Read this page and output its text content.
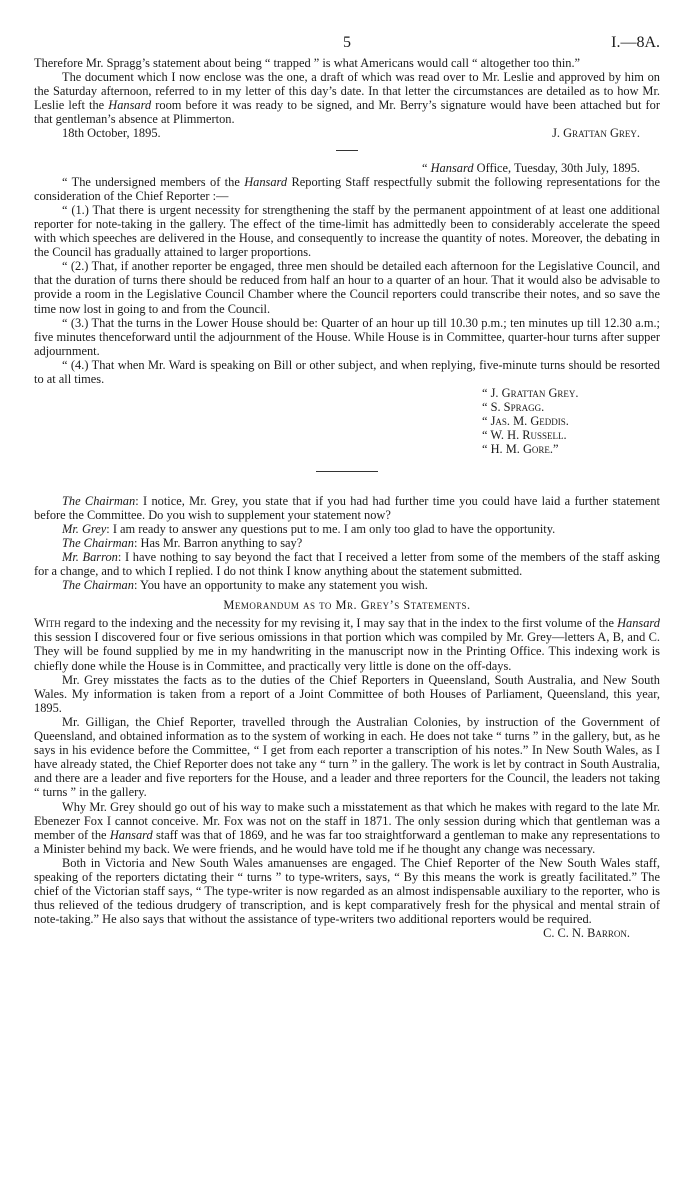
5	I.—8A.

Therefore Mr. Spragg’s statement about being “ trapped ” is what Americans would call “ altogether too thin.”

The document which I now enclose was the one, a draft of which was read over to Mr. Leslie and approved by him on the Saturday afternoon, referred to in my letter of this day’s date. In that letter the circumstances are detailed as to how Mr. Leslie left the Hansard room before it was ready to be signed, and Mr. Berry’s signature would have been attached but for that gentleman’s absence at Plimmerton.

18th October, 1895.	J. Grattan Grey.
“ Hansard Office, Tuesday, 30th July, 1895.

“ The undersigned members of the Hansard Reporting Staff respectfully submit the following representations for the consideration of the Chief Reporter :—

“ (1.) That there is urgent necessity for strengthening the staff by the permanent appointment of at least one additional reporter for note-taking in the gallery. The effect of the time-limit has admittedly been to considerably accelerate the speed with which speeches are delivered in the House, and consequently to increase the quantity of notes. Moreover, the debating in the Council has gradually attained to larger proportions.

“ (2.) That, if another reporter be engaged, three men should be detailed each afternoon for the Legislative Council, and that the duration of turns there should be reduced from half an hour to a quarter of an hour. That it would also be advisable to provide a room in the Legislative Council Chamber where the Council reporters could transcribe their notes, and so save the time now lost in going to and from the Council.

“ (3.) That the turns in the Lower House should be: Quarter of an hour up till 10.30 p.m.; ten minutes up till 12.30 a.m.; five minutes thenceforward until the adjournment of the House. While House is in Committee, quarter-hour turns after supper adjournment.

“ (4.) That when Mr. Ward is speaking on Bill or other subject, and when replying, five-minute turns should be resorted to at all times.

“ J. Grattan Grey.
“ S. Spragg.
“ Jas. M. Geddis.
“ W. H. Russell.
“ H. M. Gore.”

The Chairman: I notice, Mr. Grey, you state that if you had had further time you could have laid a further statement before the Committee. Do you wish to supplement your statement now?

Mr. Grey: I am ready to answer any questions put to me. I am only too glad to have the opportunity.

The Chairman: Has Mr. Barron anything to say?

Mr. Barron: I have nothing to say beyond the fact that I received a letter from some of the members of the staff asking for a change, and to which I replied. I do not think I know anything about the statement submitted.

The Chairman: You have an opportunity to make any statement you wish.

Memorandum as to Mr. Grey’s Statements.

With regard to the indexing and the necessity for my revising it, I may say that in the index to the first volume of the Hansard this session I discovered four or five serious omissions in that portion which was compiled by Mr. Grey—letters A, B, and C. They will be found supplied by me in my handwriting in the manuscript now in the Printing Office. This indexing work is chiefly done while the House is in Committee, and practically very little is done on the off-days.

Mr. Grey misstates the facts as to the duties of the Chief Reporters in Queensland, South Australia, and New South Wales. My information is taken from a report of a Joint Committee of both Houses of Parliament, Queensland, this year, 1895.

Mr. Gilligan, the Chief Reporter, travelled through the Australian Colonies, by instruction of the Government of Queensland, and obtained information as to the system of working in each. He does not take “ turns ” in the gallery, but, as he says in his evidence before the Committee, “ I get from each reporter a transcription of his notes.” In New South Wales, as I have already stated, the Chief Reporter does not take any “ turn ” in the gallery. The work is let by contract in South Australia, and there are a leader and five reporters for the House, and a leader and three reporters for the Council, the leaders not taking “ turns ” in the gallery.

Why Mr. Grey should go out of his way to make such a misstatement as that which he makes with regard to the late Mr. Ebenezer Fox I cannot conceive. Mr. Fox was not on the staff in 1871. The only session during which that gentleman was a member of the Hansard staff was that of 1869, and he was far too straightforward a gentleman to make any representations to a Minister behind my back. We were friends, and he would have told me if he thought any change was necessary.

Both in Victoria and New South Wales amanuenses are engaged. The Chief Reporter of the New South Wales staff, speaking of the reporters dictating their “ turns ” to type-writers, says, “ By this means the work is greatly facilitated.” The chief of the Victorian staff says, “ The type-writer is now regarded as an almost indispensable auxiliary to the reporter, who is thus relieved of the tedious drudgery of transcription, and is kept comparatively fresh for the physical and mental strain of note-taking.” He also says that without the assistance of type-writers two additional reporters would be required.

C. C. N. Barron.
